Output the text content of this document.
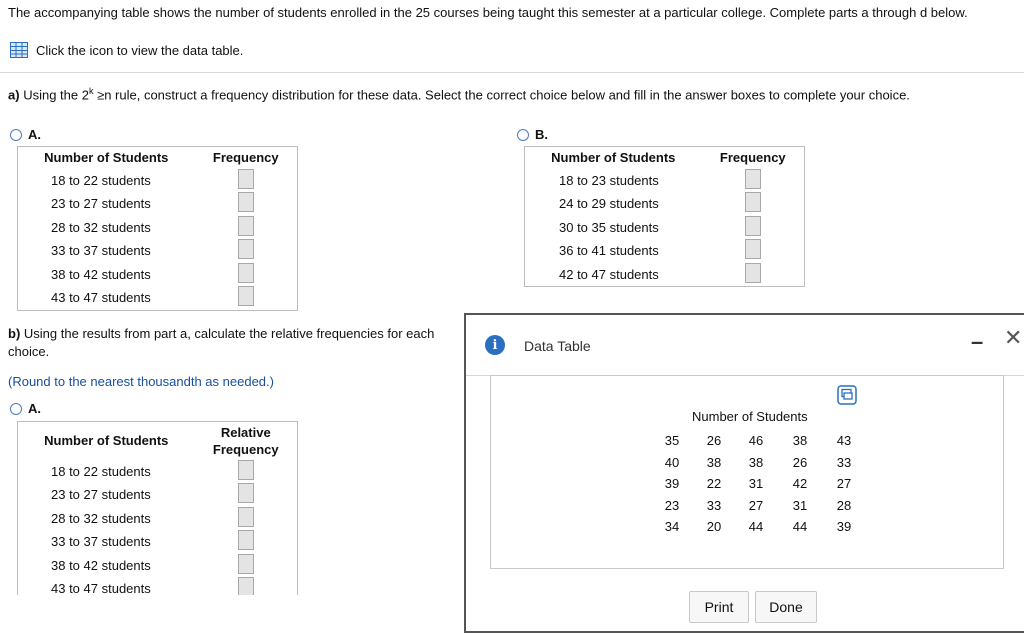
The accompanying table shows the number of students enrolled in the 25 courses being taught this semester at a particular college. Complete parts a through d below.
Click the icon to view the data table.
a) Using the $2^k \ge n$ rule, construct a frequency distribution for these data. Select the correct choice below and fill in the answer boxes to complete your choice.
A.
Number of Students	Frequency
18 to 22 students	
23 to 27 students	
28 to 32 students	
33 to 37 students	
38 to 42 students	
43 to 47 students	
B.
Number of Students	Frequency
18 to 23 students	
24 to 29 students	
30 to 35 students	
36 to 41 students	
42 to 47 students	
b) Using the results from part a, calculate the relative frequencies for each
choice.
(Round to the nearest thousandth as needed.)
A.
Number of Students	Relative
Frequency

18 to 22 students	
23 to 27 students	
28 to 32 students	
33 to 37 students	
38 to 42 students	
43 to 47 students	
i	Data Table	– ✕
Number of Students
35	26	46	38	43
40	38	38	26	33
39	22	31	42	27
23	33	27	31	28
34	20	44	44	39
Print	Done
